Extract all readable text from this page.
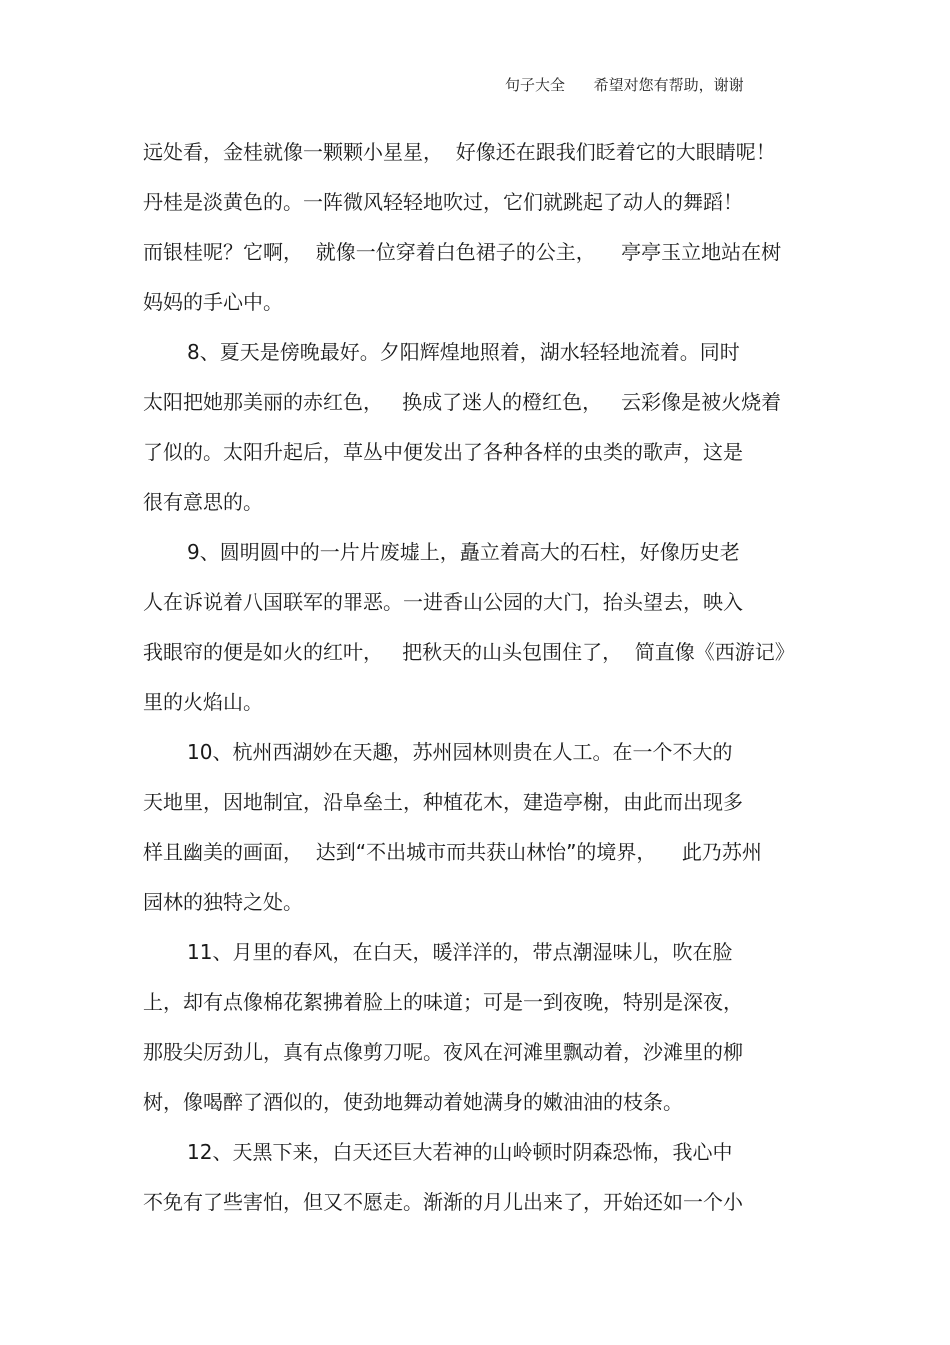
句子大全      希望对您有帮助，谢谢
远处看，金桂就像一颗颗小星星，  好像还在跟我们眨着它的大眼睛呢！
丹桂是淡黄色的。一阵微风轻轻地吹过，它们就跳起了动人的舞蹈！
而银桂呢？它啊，  就像一位穿着白色裙子的公主，    亭亭玉立地站在树
妈妈的手心中。
8、夏天是傍晚最好。夕阳辉煌地照着，湖水轻轻地流着。同时
太阳把她那美丽的赤红色，   换成了迷人的橙红色，   云彩像是被火烧着
了似的。太阳升起后，草丛中便发出了各种各样的虫类的歌声，这是
很有意思的。
9、圆明圆中的一片片废墟上，矗立着高大的石柱，好像历史老
人在诉说着八国联军的罪恶。一进香山公园的大门，抬头望去，映入
我眼帘的便是如火的红叶，   把秋天的山头包围住了，  简直像《西游记》
里的火焰山。
10、杭州西湖妙在天趣，苏州园林则贵在人工。在一个不大的
天地里，因地制宜，沿阜垒土，种植花木，建造亭榭，由此而出现多
样且幽美的画面，  达到“不出城市而共获山林怡”的境界，    此乃苏州
园林的独特之处。
11、月里的春风，在白天，暖洋洋的，带点潮湿味儿，吹在脸
上，却有点像棉花絮拂着脸上的味道；可是一到夜晚，特别是深夜，
那股尖厉劲儿，真有点像剪刀呢。夜风在河滩里飘动着，沙滩里的柳
树，像喝醉了酒似的，使劲地舞动着她满身的嫩油油的枝条。
12、天黑下来，白天还巨大若神的山岭顿时阴森恐怖，我心中
不免有了些害怕，但又不愿走。渐渐的月儿出来了，开始还如一个小
